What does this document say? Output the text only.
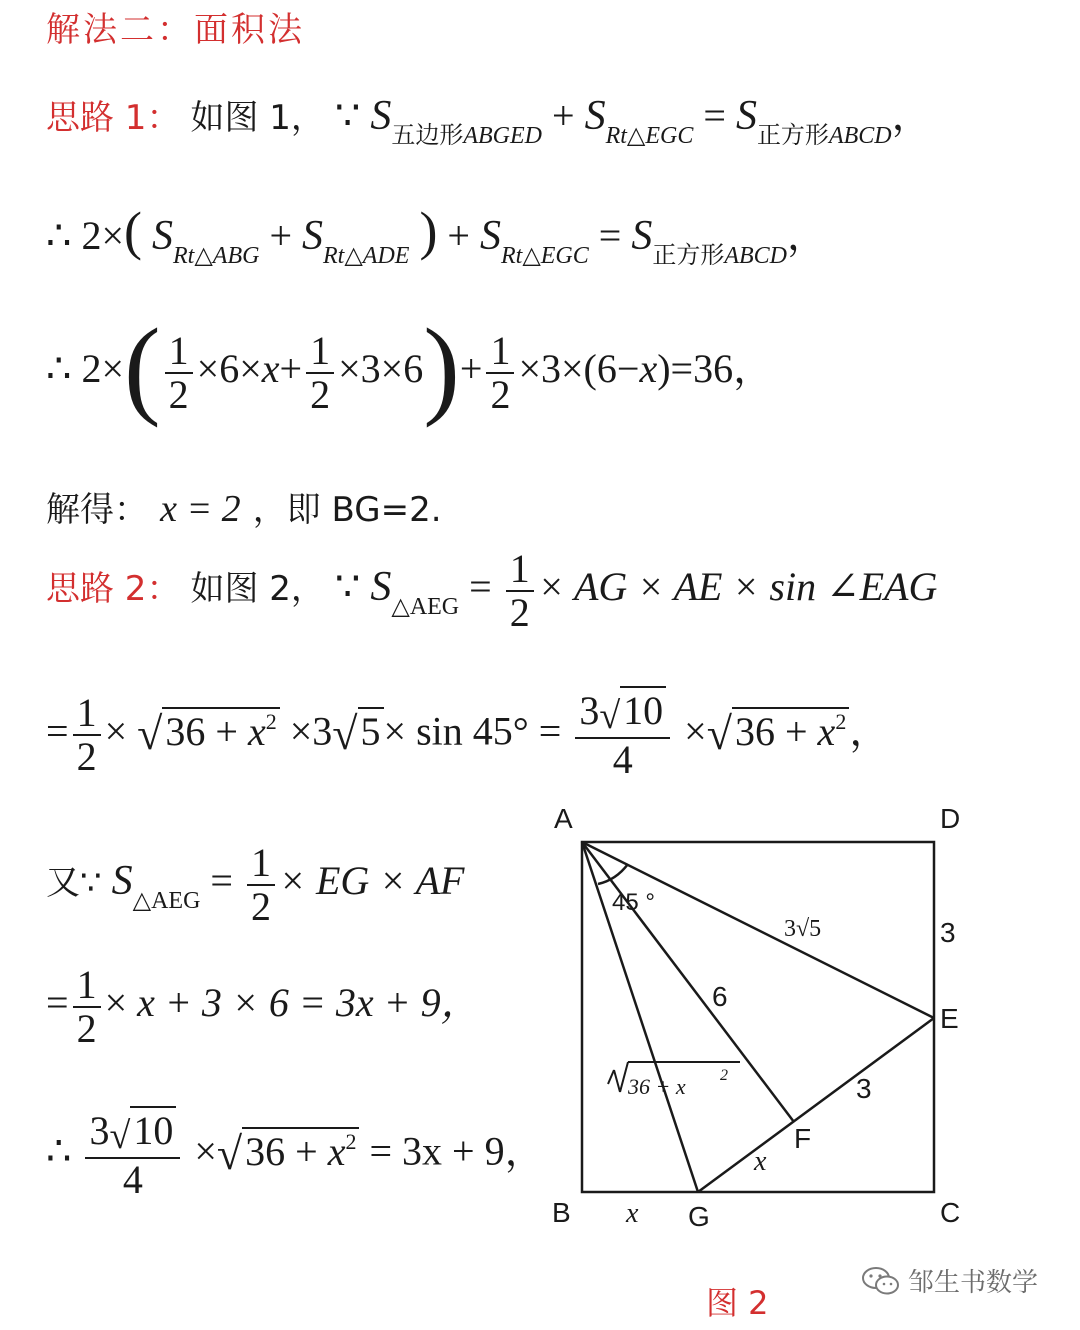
解法二：面积法
思路 1： 如图 1， ∵ $S_{五边形ABGED} + S_{Rt\triangle EGC} = S_{正方形ABCD}$，
∴ 2×( $S_{Rt\triangle ABG} + S_{Rt\triangle ADE}$ ) + $S_{Rt\triangle EGC} = S_{正方形ABCD}$，
∴ $2\times( \frac{1}{2} \times 6\times x+ \frac{1}{2} \times 3\times 6)+ \frac{1}{2} \times 3\times(6-x)=36$，
解得： x = 2 ，即 BG=2.
思路 2： 如图 2， ∵ $S_{\triangle AEG} = \frac{1}{2}$ × AG × AE × sin ∠EAG
= $\frac{1}{2} \times √36 + x^2 \times 3√5\times \sin 45^\circ = \frac{3√10}{4} \times√36 + x^2$，
又∵ $S_{\triangle AEG} = \frac{1}{2}$ × EG × AF
= $\frac{1}{2} \times x + 3 \times 6 = 3x + 9$，
∴ $\frac{3√10}{4} \times√36 + x^2 = 3x + 9$，
A	D
B	C
E
F
G
3
6
3
45 °
3√5
x
x
36 + x 2
图 2
邹生书数学
